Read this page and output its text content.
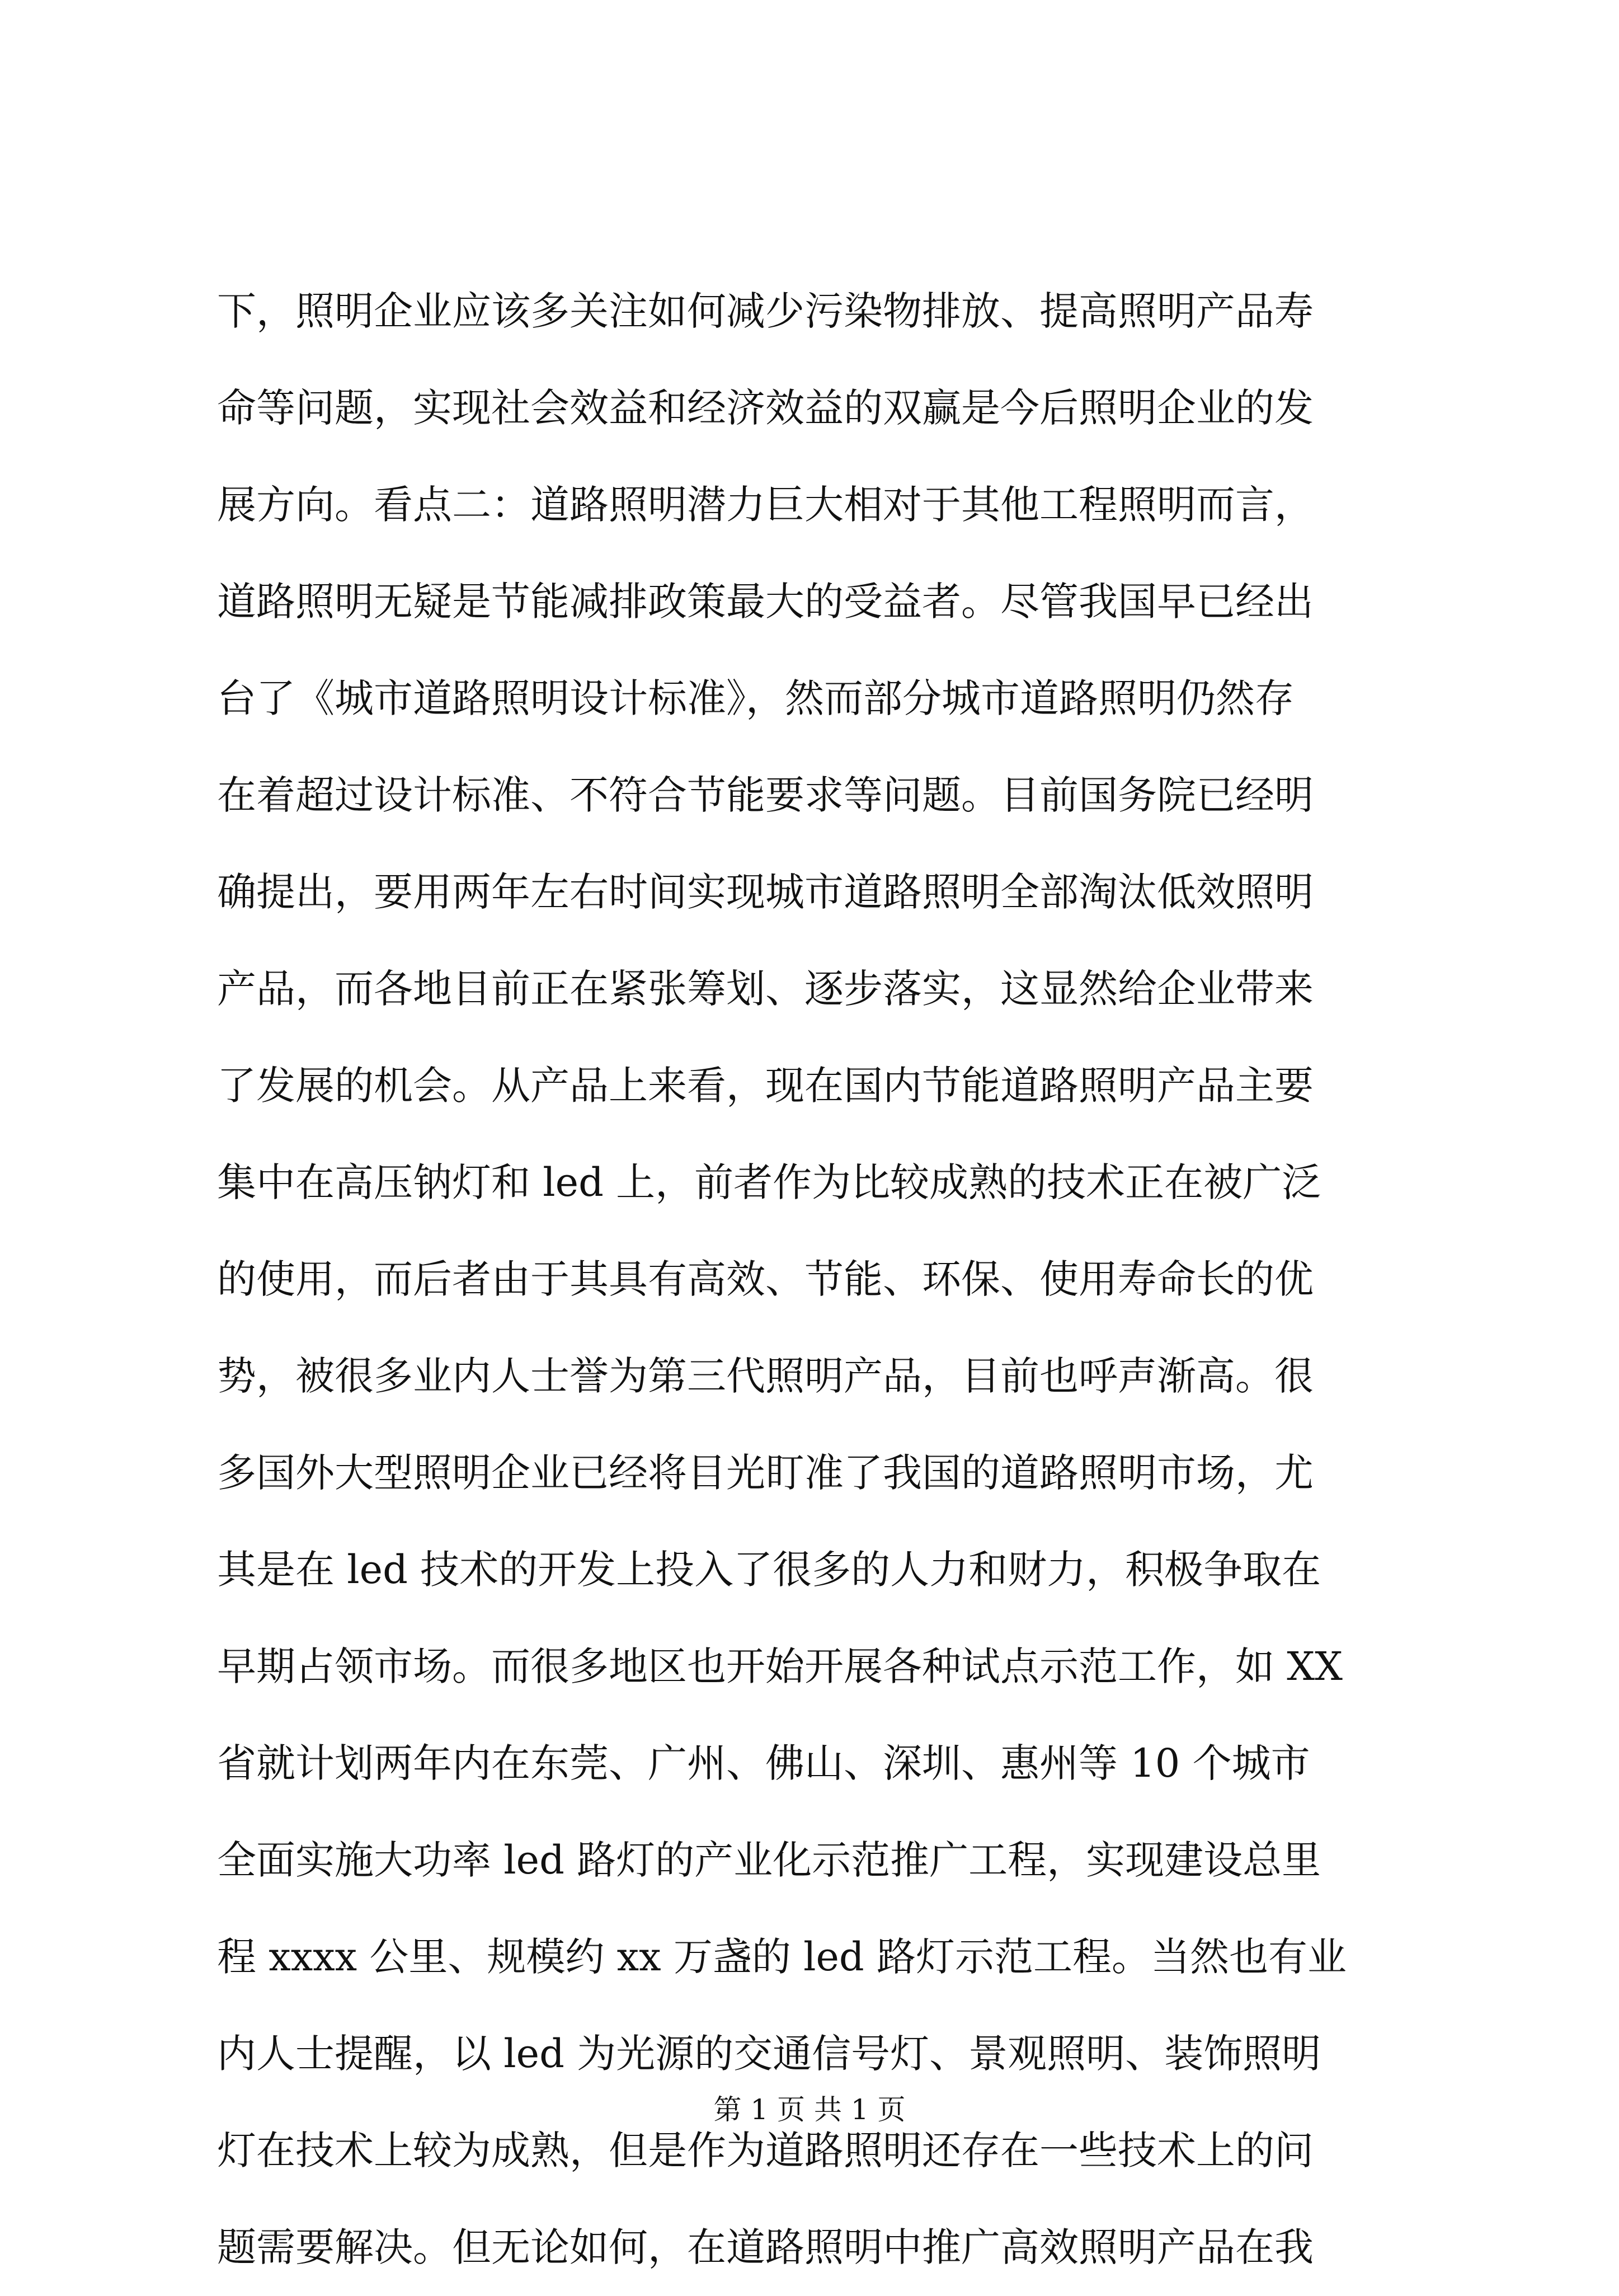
下，照明企业应该多关注如何减少污染物排放、提高照明产品寿
命等问题，实现社会效益和经济效益的双赢是今后照明企业的发
展方向。看点二：道路照明潜力巨大相对于其他工程照明而言，
道路照明无疑是节能减排政策最大的受益者。尽管我国早已经出
台了《城市道路照明设计标准》，然而部分城市道路照明仍然存
在着超过设计标准、不符合节能要求等问题。目前国务院已经明
确提出，要用两年左右时间实现城市道路照明全部淘汰低效照明
产品，而各地目前正在紧张筹划、逐步落实，这显然给企业带来
了发展的机会。从产品上来看，现在国内节能道路照明产品主要
集中在高压钠灯和 led 上，前者作为比较成熟的技术正在被广泛
的使用，而后者由于其具有高效、节能、环保、使用寿命长的优
势，被很多业内人士誉为第三代照明产品，目前也呼声渐高。很
多国外大型照明企业已经将目光盯准了我国的道路照明市场，尤
其是在 led 技术的开发上投入了很多的人力和财力，积极争取在
早期占领市场。而很多地区也开始开展各种试点示范工作，如 XX
省就计划两年内在东莞、广州、佛山、深圳、惠州等 10 个城市
全面实施大功率 led 路灯的产业化示范推广工程，实现建设总里
程 xxxx 公里、规模约 xx 万盏的 led 路灯示范工程。当然也有业
内人士提醒，以 led 为光源的交通信号灯、景观照明、装饰照明
灯在技术上较为成熟，但是作为道路照明还存在一些技术上的问
题需要解决。但无论如何，在道路照明中推广高效照明产品在我
第 1 页 共 1 页
